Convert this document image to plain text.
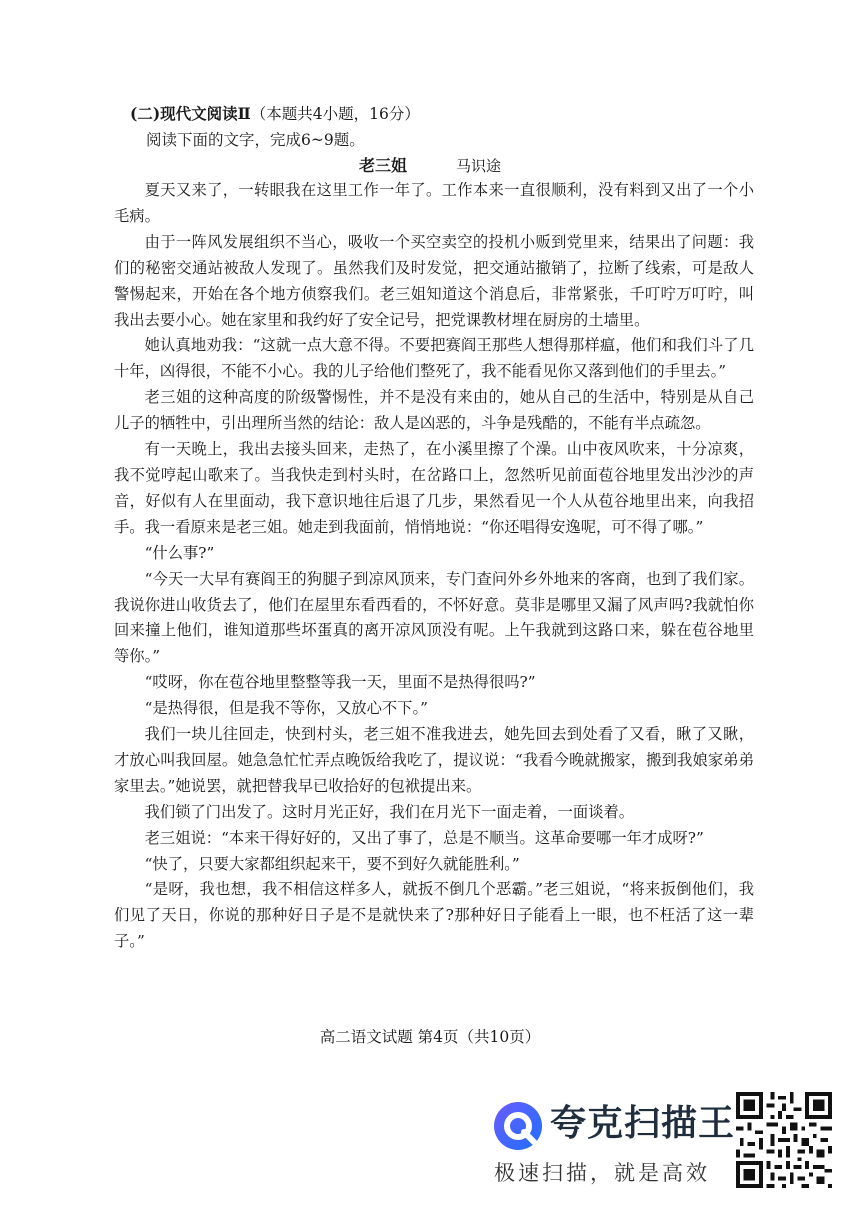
(二)现代文阅读Ⅱ（本题共4小题，16分）
阅读下面的文字，完成6~9题。
老三姐	马识途

夏天又来了，一转眼我在这里工作一年了。工作本来一直很顺利，没有料到又出了一个小毛病。

由于一阵风发展组织不当心，吸收一个买空卖空的投机小贩到党里来，结果出了问题：我们的秘密交通站被敌人发现了。虽然我们及时发觉，把交通站撤销了，拉断了线索，可是敌人警惕起来，开始在各个地方侦察我们。老三姐知道这个消息后，非常紧张，千叮咛万叮咛，叫我出去要小心。她在家里和我约好了安全记号，把党课教材埋在厨房的土墙里。

她认真地劝我：“这就一点大意不得。不要把赛阎王那些人想得那样瘟，他们和我们斗了几十年，凶得很，不能不小心。我的儿子给他们整死了，我不能看见你又落到他们的手里去。”

老三姐的这种高度的阶级警惕性，并不是没有来由的，她从自己的生活中，特别是从自己儿子的牺牲中，引出理所当然的结论：敌人是凶恶的，斗争是残酷的，不能有半点疏忽。

有一天晚上，我出去接头回来，走热了，在小溪里擦了个澡。山中夜风吹来，十分凉爽，我不觉哼起山歌来了。当我快走到村头时，在岔路口上，忽然听见前面苞谷地里发出沙沙的声音，好似有人在里面动，我下意识地往后退了几步，果然看见一个人从苞谷地里出来，向我招手。我一看原来是老三姐。她走到我面前，悄悄地说：“你还唱得安逸呢，可不得了哪。”

“什么事?”

“今天一大早有赛阎王的狗腿子到凉风顶来，专门查问外乡外地来的客商，也到了我们家。我说你进山收货去了，他们在屋里东看西看的，不怀好意。莫非是哪里又漏了风声吗?我就怕你回来撞上他们，谁知道那些坏蛋真的离开凉风顶没有呢。上午我就到这路口来，躲在苞谷地里等你。”

“哎呀，你在苞谷地里整整等我一天，里面不是热得很吗?”

“是热得很，但是我不等你，又放心不下。”

我们一块儿往回走，快到村头，老三姐不准我进去，她先回去到处看了又看，瞅了又瞅，才放心叫我回屋。她急急忙忙弄点晚饭给我吃了，提议说：“我看今晚就搬家，搬到我娘家弟弟家里去。”她说罢，就把替我早已收拾好的包袱提出来。

我们锁了门出发了。这时月光正好，我们在月光下一面走着，一面谈着。

老三姐说：“本来干得好好的，又出了事了，总是不顺当。这革命要哪一年才成呀?”

“快了，只要大家都组织起来干，要不到好久就能胜利。”

“是呀，我也想，我不相信这样多人，就扳不倒几个恶霸。”老三姐说，“将来扳倒他们，我们见了天日，你说的那种好日子是不是就快来了?那种好日子能看上一眼，也不枉活了这一辈子。”

高二语文试题 第4页（共10页）
夸克扫描王
极速扫描，就是高效
